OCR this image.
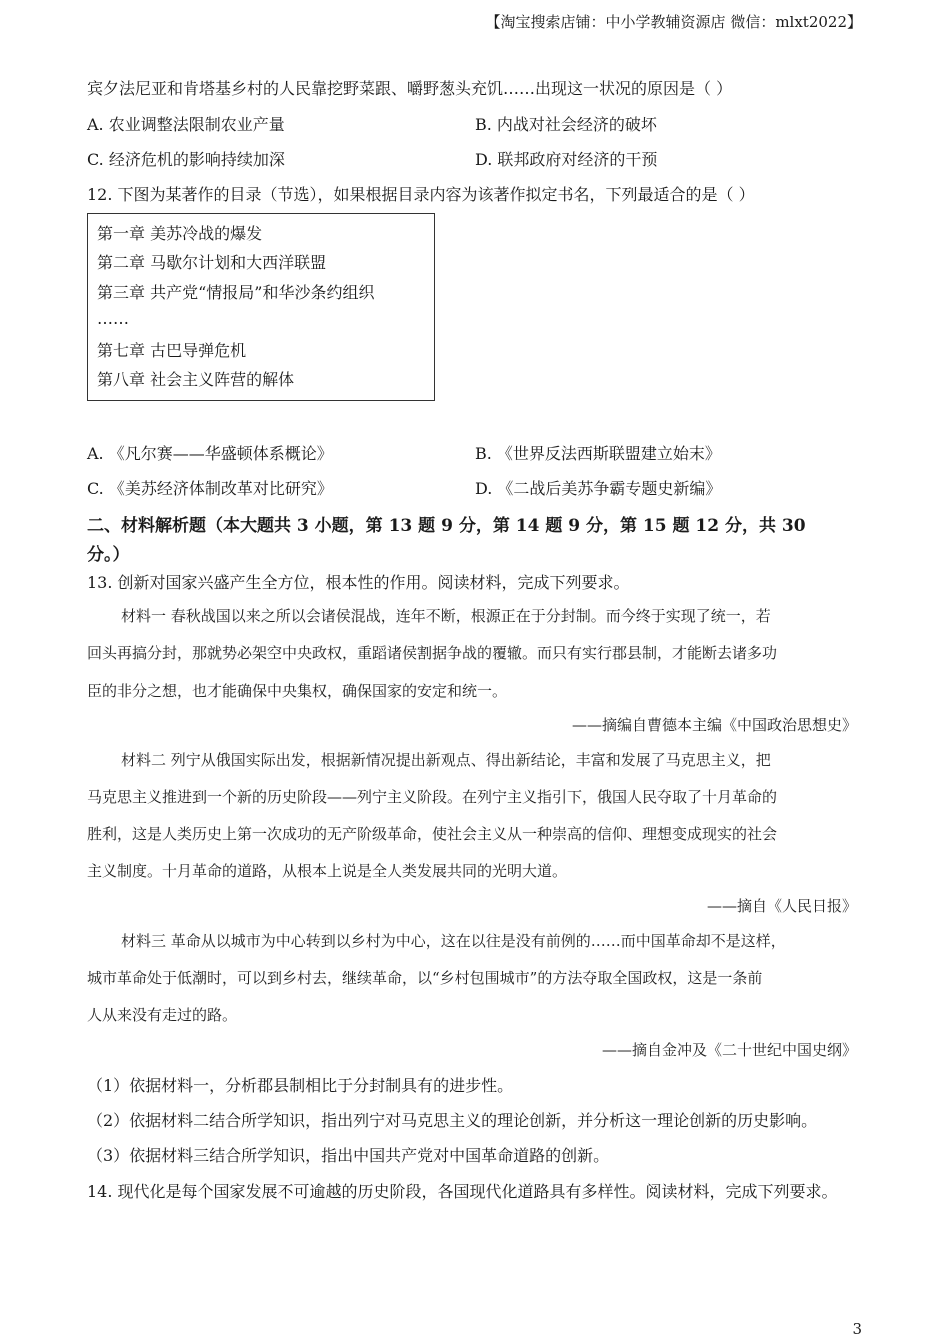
【淘宝搜索店铺：中小学教辅资源店 微信：mlxt2022】
宾夕法尼亚和肯塔基乡村的人民靠挖野菜跟、嚼野葱头充饥……出现这一状况的原因是（ ）
A. 农业调整法限制农业产量	B. 内战对社会经济的破坏
C. 经济危机的影响持续加深	D. 联邦政府对经济的干预
12. 下图为某著作的目录（节选），如果根据目录内容为该著作拟定书名，下列最适合的是（ ）
第一章 美苏冷战的爆发
第二章 马歇尔计划和大西洋联盟
第三章 共产党“情报局”和华沙条约组织
……
第七章 古巴导弹危机
第八章 社会主义阵营的解体
A. 《凡尔赛——华盛顿体系概论》	B. 《世界反法西斯联盟建立始末》
C. 《美苏经济体制改革对比研究》	D. 《二战后美苏争霸专题史新编》
二、材料解析题（本大题共 3 小题，第 13 题 9 分，第 14 题 9 分，第 15 题 12 分，共 30
分。）
13. 创新对国家兴盛产生全方位，根本性的作用。阅读材料，完成下列要求。
材料一 春秋战国以来之所以会诸侯混战，连年不断，根源正在于分封制。而今终于实现了统一，若
回头再搞分封，那就势必架空中央政权，重蹈诸侯割据争战的覆辙。而只有实行郡县制，才能断去诸多功
臣的非分之想，也才能确保中央集权，确保国家的安定和统一。
——摘编自曹德本主编《中国政治思想史》
材料二 列宁从俄国实际出发，根据新情况提出新观点、得出新结论，丰富和发展了马克思主义，把
马克思主义推进到一个新的历史阶段——列宁主义阶段。在列宁主义指引下，俄国人民夺取了十月革命的
胜利，这是人类历史上第一次成功的无产阶级革命，使社会主义从一种崇高的信仰、理想变成现实的社会
主义制度。十月革命的道路，从根本上说是全人类发展共同的光明大道。
——摘自《人民日报》
材料三 革命从以城市为中心转到以乡村为中心，这在以往是没有前例的……而中国革命却不是这样，
城市革命处于低潮时，可以到乡村去，继续革命，以“乡村包围城市”的方法夺取全国政权，这是一条前
人从来没有走过的路。
——摘自金冲及《二十世纪中国史纲》
（1）依据材料一，分析郡县制相比于分封制具有的进步性。
（2）依据材料二结合所学知识，指出列宁对马克思主义的理论创新，并分析这一理论创新的历史影响。
（3）依据材料三结合所学知识，指出中国共产党对中国革命道路的创新。
14. 现代化是每个国家发展不可逾越的历史阶段，各国现代化道路具有多样性。阅读材料，完成下列要求。
3
